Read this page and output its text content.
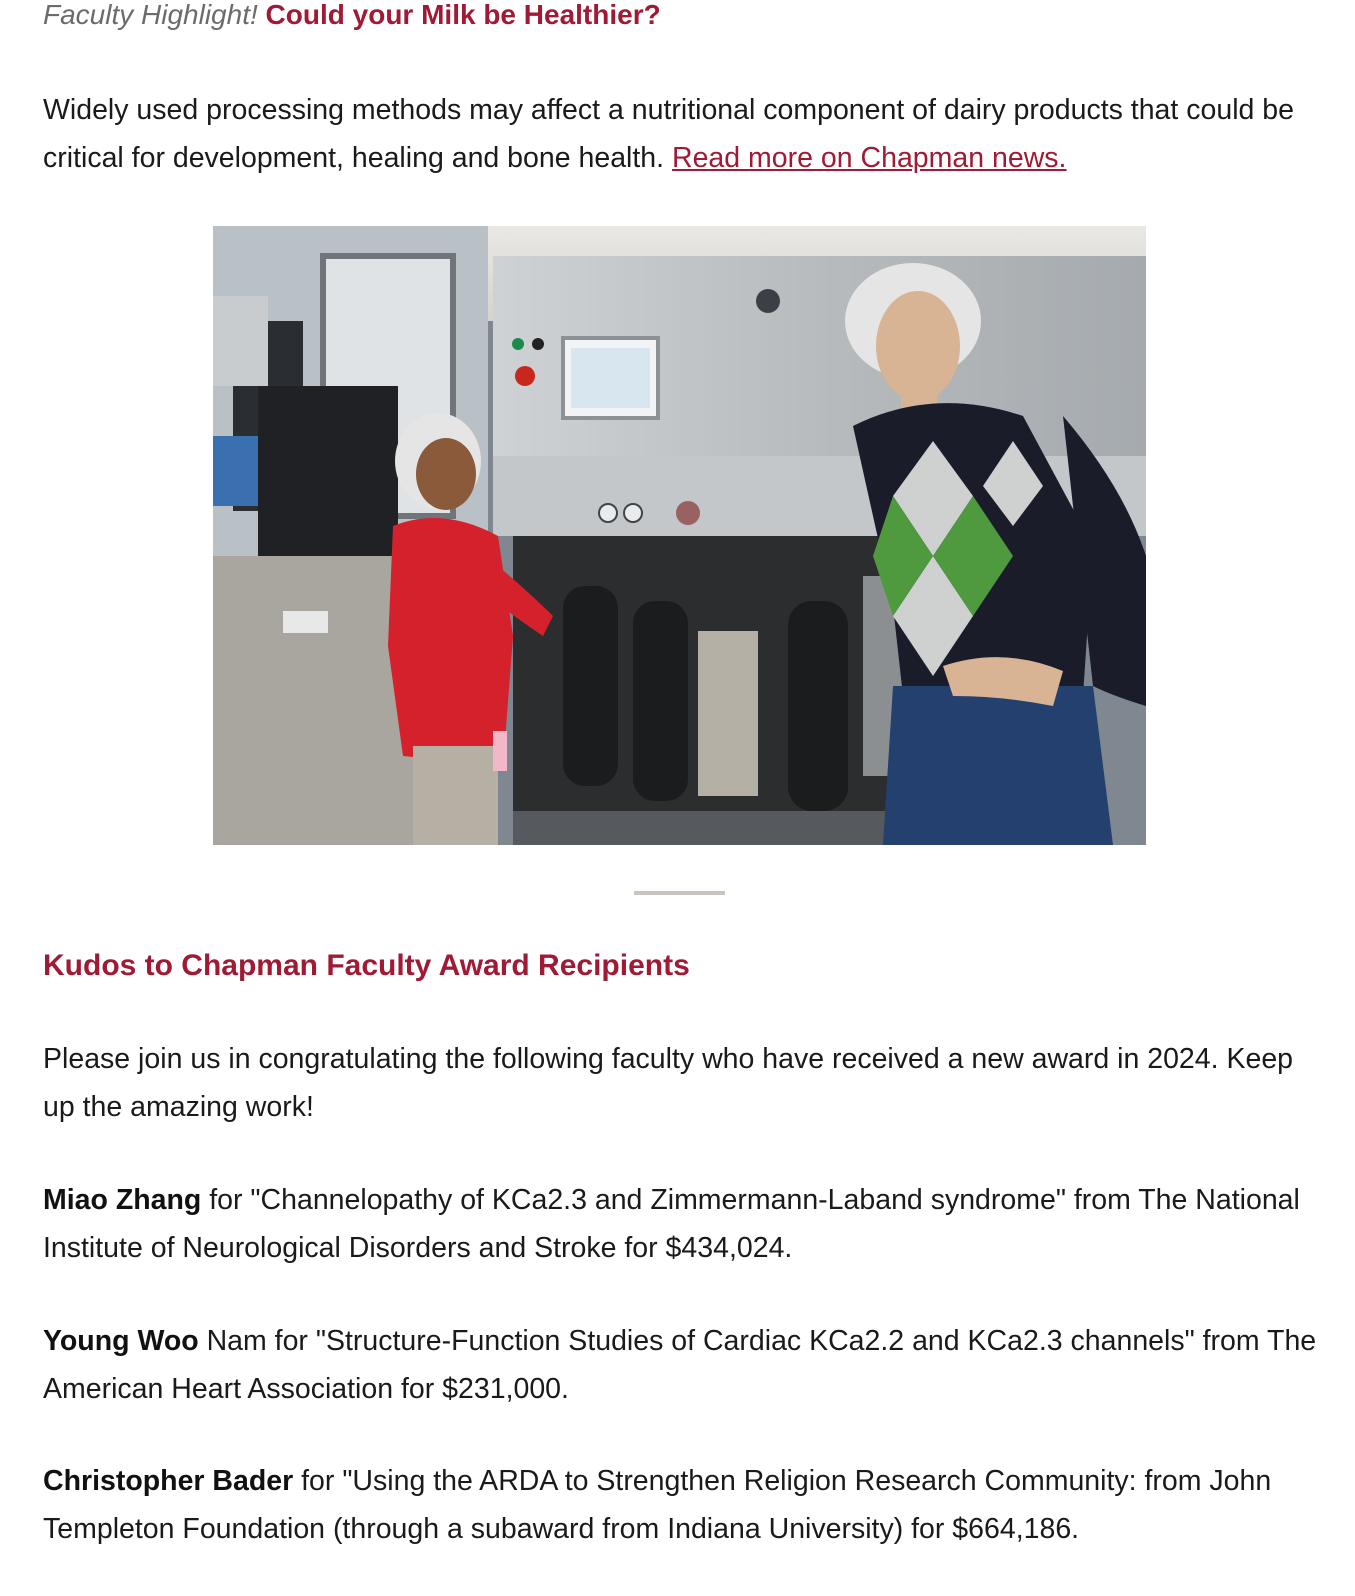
Faculty Highlight! Could your Milk be Healthier?

Widely used processing methods may affect a nutritional component of dairy products that could be critical for development, healing and bone health. Read more on Chapman news.

Kudos to Chapman Faculty Award Recipients

Please join us in congratulating the following faculty who have received a new award in 2024. Keep up the amazing work!

Miao Zhang for "Channelopathy of KCa2.3 and Zimmermann-Laband syndrome" from The National Institute of Neurological Disorders and Stroke for $434,024.

Young Woo Nam for "Structure-Function Studies of Cardiac KCa2.2 and KCa2.3 channels" from The American Heart Association for $231,000.

Christopher Bader for "Using the ARDA to Strengthen Religion Research Community: from John Templeton Foundation (through a subaward from Indiana University) for $664,186.
